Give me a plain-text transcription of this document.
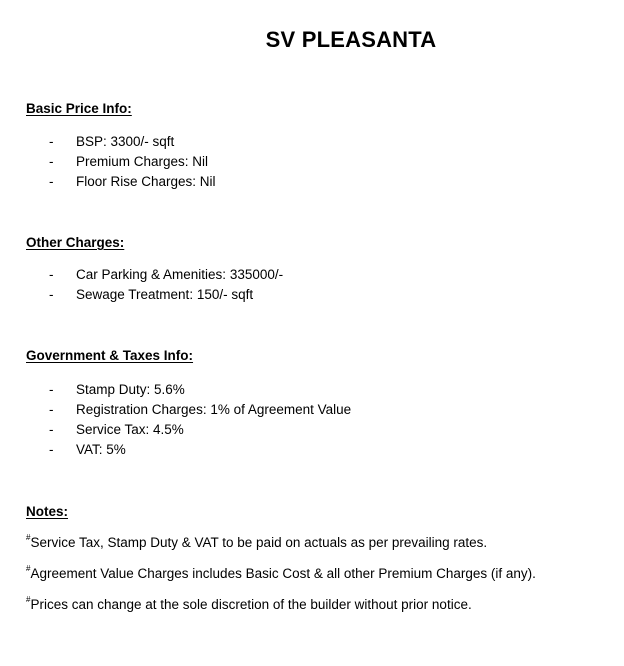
SV PLEASANTA
Basic Price Info:
- BSP: 3300/- sqft
- Premium Charges: Nil
- Floor Rise Charges: Nil
Other Charges:
- Car Parking & Amenities: 335000/-
- Sewage Treatment: 150/- sqft
Government & Taxes Info:
- Stamp Duty: 5.6%
- Registration Charges: 1% of Agreement Value
- Service Tax: 4.5%
- VAT: 5%
Notes:
#Service Tax, Stamp Duty & VAT to be paid on actuals as per prevailing rates.
#Agreement Value Charges includes Basic Cost & all other Premium Charges (if any).
#Prices can change at the sole discretion of the builder without prior notice.
